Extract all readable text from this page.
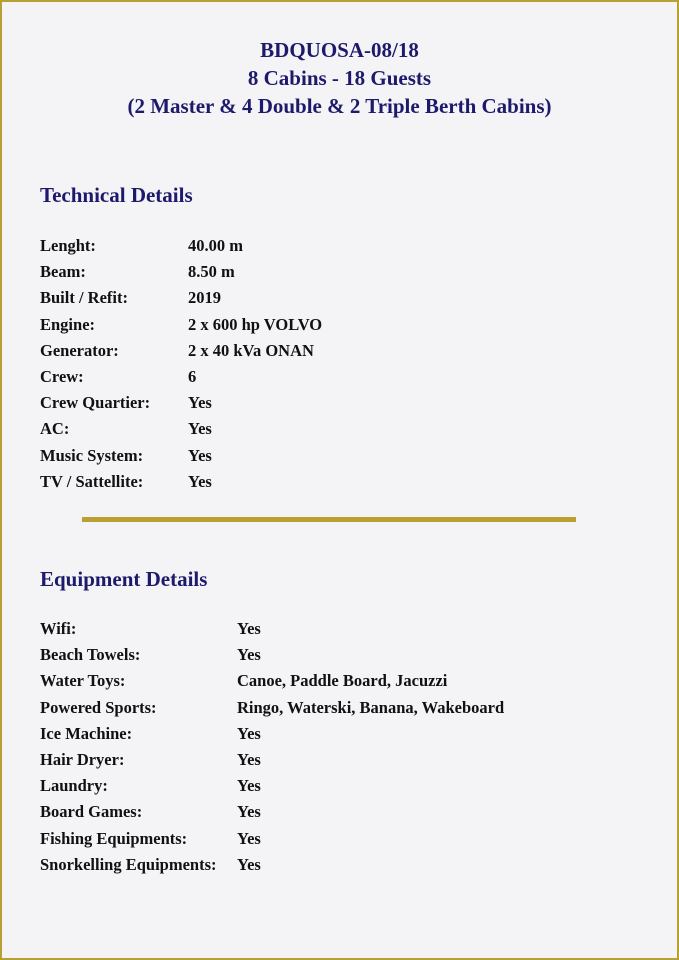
BDQUOSA-08/18
8 Cabins - 18 Guests
(2 Master & 4 Double & 2 Triple Berth Cabins)
Technical Details
Lenght:	40.00 m
Beam:	8.50 m
Built / Refit:	2019
Engine:	2 x 600 hp VOLVO
Generator:	2 x 40 kVa ONAN
Crew:	6
Crew Quartier:	Yes
AC:	Yes
Music System:	Yes
TV / Sattellite:	Yes
Equipment Details
Wifi:	Yes
Beach Towels:	Yes
Water Toys:	Canoe, Paddle Board, Jacuzzi
Powered Sports:	Ringo, Waterski, Banana, Wakeboard
Ice Machine:	Yes
Hair Dryer:	Yes
Laundry:	Yes
Board Games:	Yes
Fishing Equipments:	Yes
Snorkelling Equipments:	Yes
